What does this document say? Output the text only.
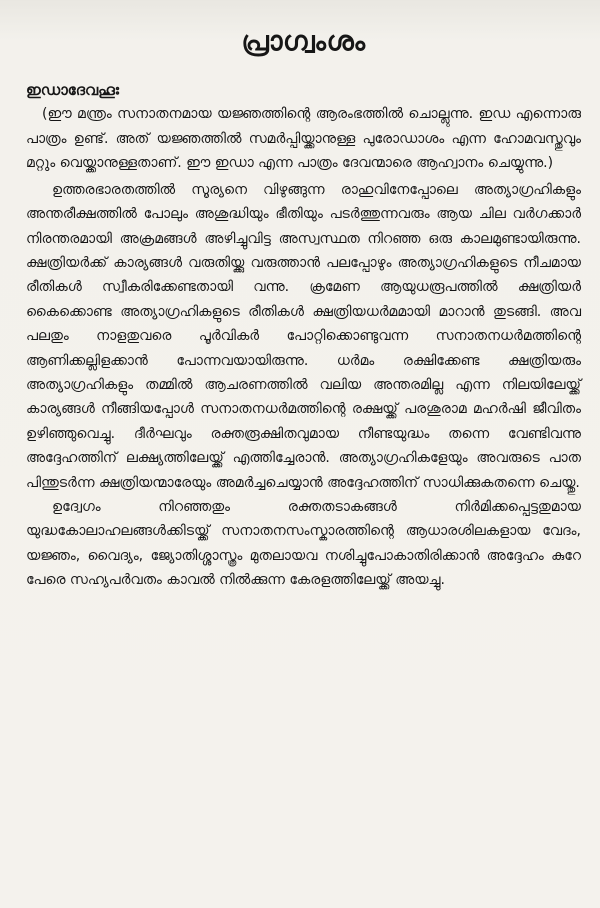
പ്രാഗ്വംശം

ഇഡാദേവഹൂഃ

(ഈ മന്ത്രം സനാതനമായ യജ്ഞത്തിന്റെ ആരംഭത്തിൽ ചൊല്ലുന്നു. ഇഡ എന്നൊരു പാത്രം ഉണ്ട്. അത് യജ്ഞത്തിൽ സമർപ്പിയ്ക്കാനുള്ള പുരോഡാശം എന്ന ഹോമവസ്തുവും മറ്റും വെയ്ക്കാനുള്ളതാണ്. ഈ ഇഡാ എന്ന പാത്രം ദേവന്മാരെ ആഹ്വാനം ചെയ്യുന്നു.)

ഉത്തരഭാരതത്തിൽ സൂര്യനെ വിഴുങ്ങുന്ന രാഹുവിനേപ്പോലെ അത്യാഗ്രഹികളും അന്തരീക്ഷത്തിൽ പോലും അശുദ്ധിയും ഭീതിയും പടർത്തുന്നവരും ആയ ചില വർഗക്കാർ നിരന്തരമായി അക്രമങ്ങൾ അഴിച്ചുവിട്ട അസ്വസ്ഥത നിറഞ്ഞ ഒരു കാലമുണ്ടായിരുന്നു. ക്ഷത്രിയർക്ക് കാര്യങ്ങൾ വരുതിയ്ക്കു വരുത്താൻ പലപ്പോഴും അത്യാഗ്രഹികളുടെ നീചമായ രീതികൾ സ്വീകരിക്കേണ്ടതായി വന്നു. ക്രമേണ ആയുധരൂപത്തിൽ ക്ഷത്രിയർ കൈക്കൊണ്ട അത്യാഗ്രഹികളുടെ രീതികൾ ക്ഷത്രിയധർമമായി മാറാൻ തുടങ്ങി. അവ പലതും നാളതുവരെ പൂർവികർ പോറ്റിക്കൊണ്ടുവന്ന സനാതനധർമത്തിന്റെ ആണിക്കല്ലിളക്കാൻ പോന്നവയായിരുന്നു. ധർമം രക്ഷിക്കേണ്ട ക്ഷത്രിയരും അത്യാഗ്രഹികളും തമ്മിൽ ആചരണത്തിൽ വലിയ അന്തരമില്ല എന്ന നിലയിലേയ്ക്ക് കാര്യങ്ങൾ നീങ്ങിയപ്പോൾ സനാതനധർമത്തിന്റെ രക്ഷയ്ക്ക് പരശുരാമ മഹർഷി ജീവിതം ഉഴിഞ്ഞുവെച്ചു. ദീർഘവും രക്തരൂക്ഷിതവുമായ നീണ്ടയുദ്ധം തന്നെ വേണ്ടിവന്നു അദ്ദേഹത്തിന് ലക്ഷ്യത്തിലേയ്ക്ക് എത്തിച്ചേരാൻ. അത്യാഗ്രഹികളേയും അവരുടെ പാത പിന്തുടർന്ന ക്ഷത്രിയന്മാരേയും അമർച്ചചെയ്യാൻ അദ്ദേഹത്തിന് സാധിക്കുകതന്നെ ചെയ്തു.

ഉദ്വേഗം നിറഞ്ഞതും രക്തതടാകങ്ങൾ നിർമിക്കപ്പെട്ടതുമായ യുദ്ധകോലാഹലങ്ങൾക്കിടയ്ക്ക് സനാതനസംസ്കാരത്തിന്റെ ആധാരശിലകളായ വേദം, യജ്ഞം, വൈദ്യം, ജ്യോതിശ്ശാസ്ത്രം മുതലായവ നശിച്ചുപോകാതിരിക്കാൻ അദ്ദേഹം കുറേ പേരെ സഹ്യപർവതം കാവൽ നിൽക്കുന്ന കേരളത്തിലേയ്ക്ക് അയച്ചു.
